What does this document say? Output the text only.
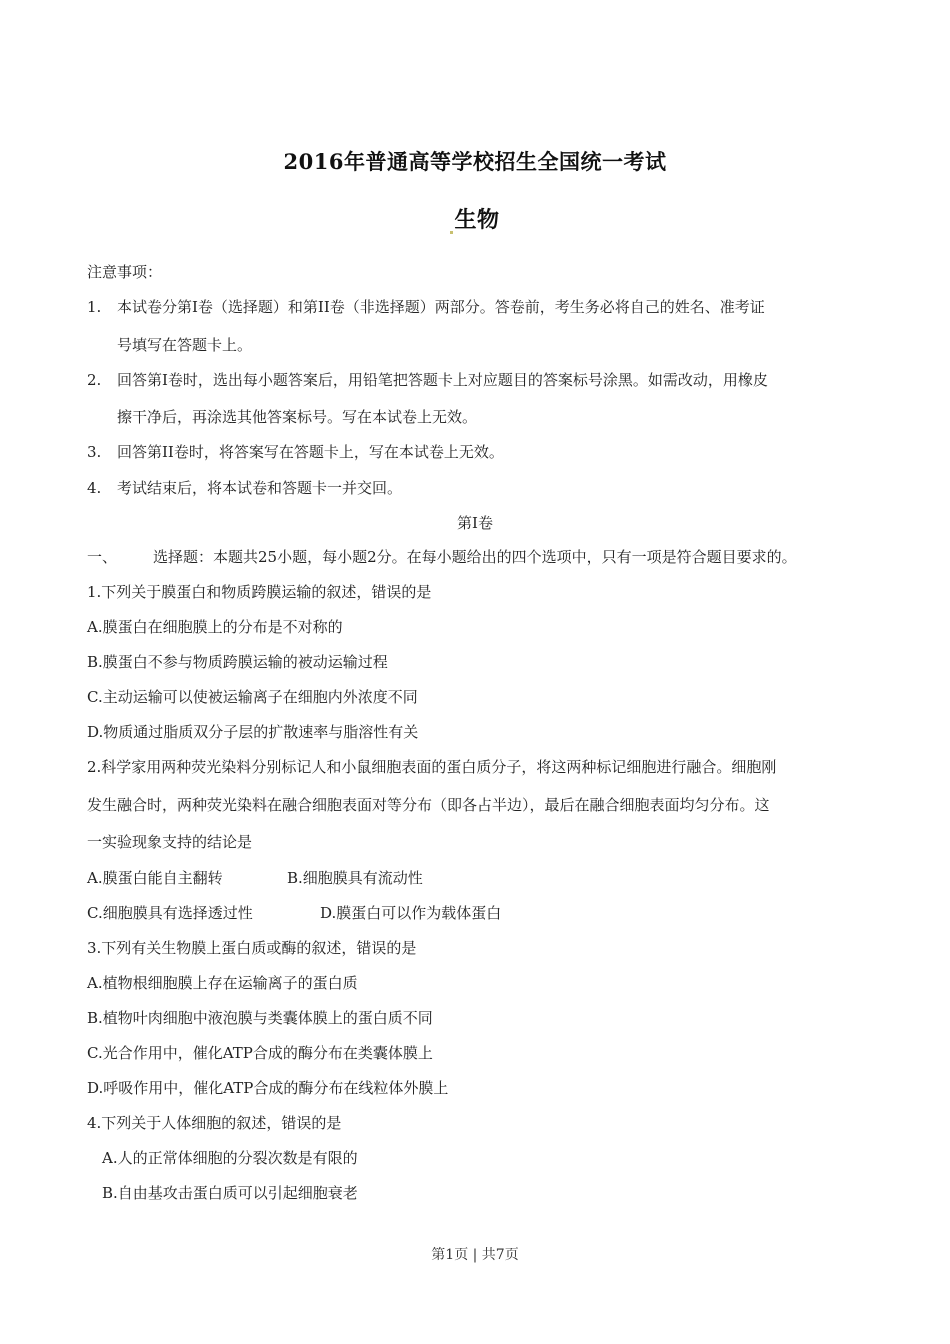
2016年普通高等学校招生全国统一考试
生物
注意事项：
1. 本试卷分第Ⅰ卷（选择题）和第II卷（非选择题）两部分。答卷前，考生务必将自己的姓名、准考证
号填写在答题卡上。
2. 回答第Ⅰ卷时，选出每小题答案后，用铅笔把答题卡上对应题目的答案标号涂黑。如需改动，用橡皮
擦干净后，再涂选其他答案标号。写在本试卷上无效。
3. 回答第II卷时，将答案写在答题卡上，写在本试卷上无效。
4. 考试结束后，将本试卷和答题卡一并交回。
第Ⅰ卷
一、 选择题：本题共25小题，每小题2分。在每小题给出的四个选项中，只有一项是符合题目要求的。
1.下列关于膜蛋白和物质跨膜运输的叙述，错误的是
A.膜蛋白在细胞膜上的分布是不对称的
B.膜蛋白不参与物质跨膜运输的被动运输过程
C.主动运输可以使被运输离子在细胞内外浓度不同
D.物质通过脂质双分子层的扩散速率与脂溶性有关
2.科学家用两种荧光染料分别标记人和小鼠细胞表面的蛋白质分子，将这两种标记细胞进行融合。细胞刚
发生融合时，两种荧光染料在融合细胞表面对等分布（即各占半边），最后在融合细胞表面均匀分布。这
一实验现象支持的结论是
A.膜蛋白能自主翻转	B.细胞膜具有流动性
C.细胞膜具有选择透过性	D.膜蛋白可以作为载体蛋白
3.下列有关生物膜上蛋白质或酶的叙述，错误的是
A.植物根细胞膜上存在运输离子的蛋白质
B.植物叶肉细胞中液泡膜与类囊体膜上的蛋白质不同
C.光合作用中，催化ATP合成的酶分布在类囊体膜上
D.呼吸作用中，催化ATP合成的酶分布在线粒体外膜上
4.下列关于人体细胞的叙述，错误的是
A.人的正常体细胞的分裂次数是有限的
B.自由基攻击蛋白质可以引起细胞衰老
第1页 | 共7页
